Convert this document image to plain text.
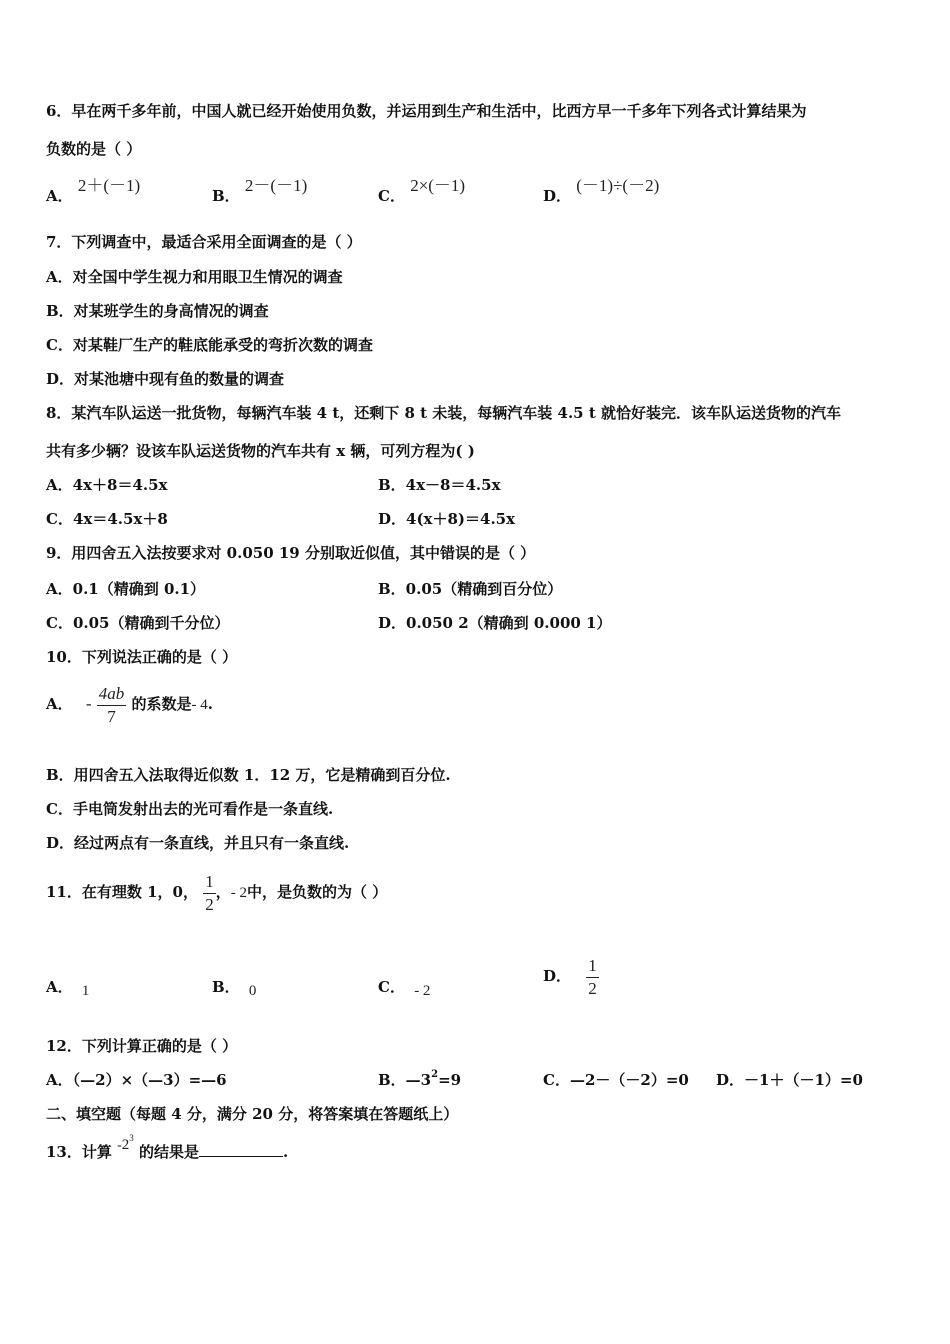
6．早在两千多年前，中国人就已经开始使用负数，并运用到生产和生活中，比西方早一千多年下列各式计算结果为
负数的是（ ）
A． 2＋(－1)
B． 2－(－1)
C． 2×(－1)
D． (－1)÷(－2)
7．下列调查中，最适合采用全面调查的是（ ）
A．对全国中学生视力和用眼卫生情况的调查
B．对某班学生的身高情况的调查
C．对某鞋厂生产的鞋底能承受的弯折次数的调查
D．对某池塘中现有鱼的数量的调查
8．某汽车队运送一批货物，每辆汽车装 4 t，还剩下 8 t 未装，每辆汽车装 4.5 t 就恰好装完．该车队运送货物的汽车
共有多少辆？设该车队运送货物的汽车共有 x 辆，可列方程为( )
A．4x＋8＝4.5x	B．4x－8＝4.5x
C．4x＝4.5x＋8	D．4(x＋8)＝4.5x
9．用四舍五入法按要求对 0.050 19 分别取近似值，其中错误的是（ ）
A．0.1（精确到 0.1）	B．0.05（精确到百分位）
C．0.05（精确到千分位）	D．0.050 2（精确到 0.000 1）
10．下列说法正确的是（ ）
A． - $\frac{4ab}{7}$ 的系数是- 4.
B．用四舍五入法取得近似数 1．12 万，它是精确到百分位.
C．手电筒发射出去的光可看作是一条直线.
D．经过两点有一条直线，并且只有一条直线.
11．在有理数 1，0， $\frac{1}{2}$ ，- 2中，是负数的为（ ）
A． 1	B． 0	C． - 2
D． $\frac{1}{2}$
12．下列计算正确的是（ ）
A．（—2）×（—3）=—6	B．$—3^2=9$	C．—2－（－2）=0 D．－1＋（－1）=0
二、填空题（每题 4 分，满分 20 分，将答案填在答题纸上）
13．计算 $-2^3$ 的结果是	.
